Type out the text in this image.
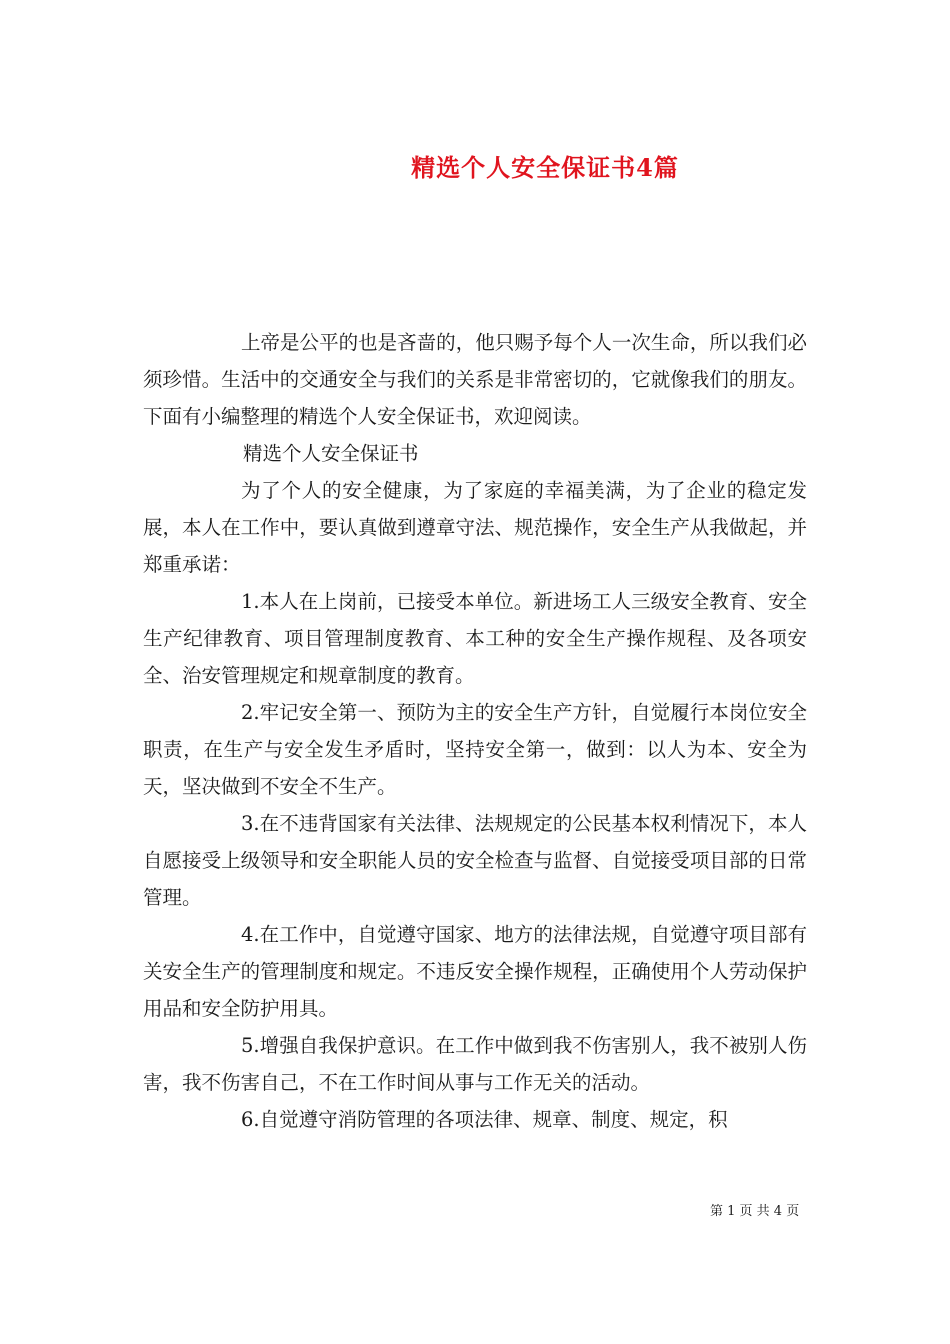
精选个人安全保证书4篇

上帝是公平的也是吝啬的，他只赐予每个人一次生命，所以我们必须珍惜。生活中的交通安全与我们的关系是非常密切的，它就像我们的朋友。下面有小编整理的精选个人安全保证书，欢迎阅读。

精选个人安全保证书

为了个人的安全健康，为了家庭的幸福美满，为了企业的稳定发展，本人在工作中，要认真做到遵章守法、规范操作，安全生产从我做起，并郑重承诺：

1.本人在上岗前，已接受本单位。新进场工人三级安全教育、安全生产纪律教育、项目管理制度教育、本工种的安全生产操作规程、及各项安全、治安管理规定和规章制度的教育。

2.牢记安全第一、预防为主的安全生产方针，自觉履行本岗位安全职责，在生产与安全发生矛盾时，坚持安全第一，做到：以人为本、安全为天，坚决做到不安全不生产。

3.在不违背国家有关法律、法规规定的公民基本权利情况下，本人自愿接受上级领导和安全职能人员的安全检查与监督、自觉接受项目部的日常管理。

4.在工作中，自觉遵守国家、地方的法律法规，自觉遵守项目部有关安全生产的管理制度和规定。不违反安全操作规程，正确使用个人劳动保护用品和安全防护用具。

5.增强自我保护意识。在工作中做到我不伤害别人，我不被别人伤害，我不伤害自己，不在工作时间从事与工作无关的活动。

6.自觉遵守消防管理的各项法律、规章、制度、规定，积

第 1 页 共 4 页
